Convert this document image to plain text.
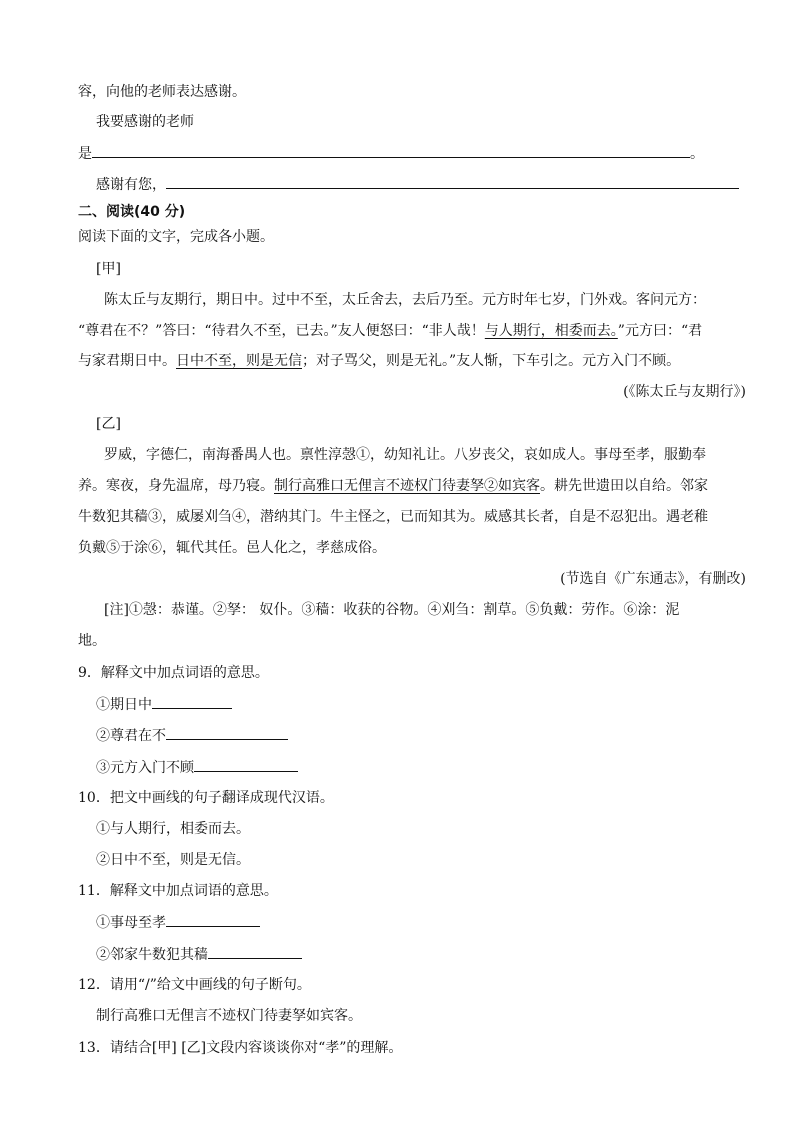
容，向他的老师表达感谢。
我要感谢的老师
是	。
感谢有您，
二、阅读(40 分)
阅读下面的文字，完成各小题。
[甲]
陈太丘与友期行，期日中。过中不至，太丘舍去，去后乃至。元方时年七岁，门外戏。客问元方：
“尊君在不？”答曰：“待君久不至，已去。”友人便怒曰：“非人哉！与人期行，相委而去。”元方曰：“君
与家君期日中。日中不至，则是无信；对子骂父，则是无礼。”友人惭，下车引之。元方入门不顾。
(《陈太丘与友期行》)
[乙]
罗威，字德仁，南海番禺人也。禀性淳愨①，幼知礼让。八岁丧父，哀如成人。事母至孝，服勤奉
养。寒夜，身先温席，母乃寝。制行高雅口无俚言不迹权门待妻孥②如宾客。耕先世遗田以自给。邻家
牛数犯其穑③，威屡刈刍④，潜纳其门。牛主怪之，已而知其为。威感其长者，自是不忍犯出。遇老稚
负戴⑤于涂⑥，辄代其任。邑人化之，孝慈成俗。
(节选自《广东通志》，有删改)
[注]①愨：恭谨。②孥： 奴仆。③穑：收获的谷物。④刈刍：割草。⑤负戴：劳作。⑥涂：泥
地。
9．解释文中加点词语的意思。
①期日中
②尊君在不
③元方入门不顾
10．把文中画线的句子翻译成现代汉语。
①与人期行，相委而去。
②日中不至，则是无信。
11．解释文中加点词语的意思。
①事母至孝
②邻家牛数犯其穑
12．请用“/”给文中画线的句子断句。
制行高雅口无俚言不迹权门待妻孥如宾客。
13．请结合[甲] [乙]文段内容谈谈你对“孝”的理解。
